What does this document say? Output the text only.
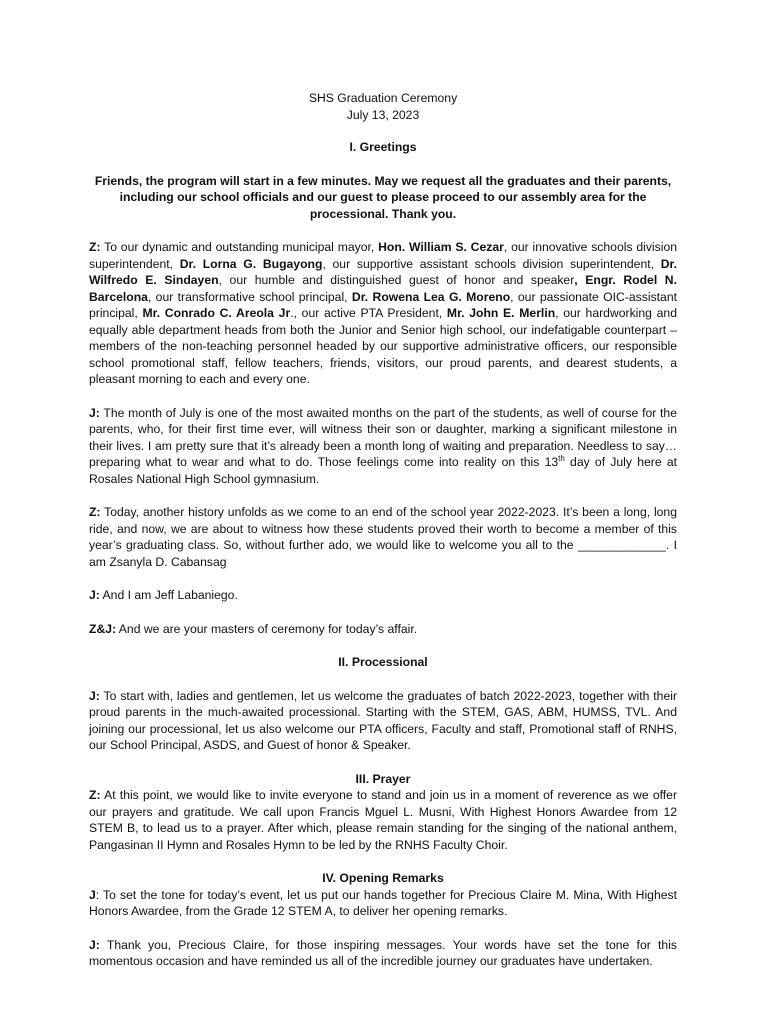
SHS Graduation Ceremony
July 13, 2023
I. Greetings

Friends, the program will start in a few minutes. May we request all the graduates and their parents, including our school officials and our guest to please proceed to our assembly area for the processional. Thank you.

Z: To our dynamic and outstanding municipal mayor, Hon. William S. Cezar, our innovative schools division superintendent, Dr. Lorna G. Bugayong, our supportive assistant schools division superintendent, Dr. Wilfredo E. Sindayen, our humble and distinguished guest of honor and speaker, Engr. Rodel N. Barcelona, our transformative school principal, Dr. Rowena Lea G. Moreno, our passionate OIC-assistant principal, Mr. Conrado C. Areola Jr., our active PTA President, Mr. John E. Merlin, our hardworking and equally able department heads from both the Junior and Senior high school, our indefatigable counterpart – members of the non-teaching personnel headed by our supportive administrative officers, our responsible school promotional staff, fellow teachers, friends, visitors, our proud parents, and dearest students, a pleasant morning to each and every one.

J: The month of July is one of the most awaited months on the part of the students, as well of course for the parents, who, for their first time ever, will witness their son or daughter, marking a significant milestone in their lives. I am pretty sure that it’s already been a month long of waiting and preparation. Needless to say…preparing what to wear and what to do. Those feelings come into reality on this 13th day of July here at Rosales National High School gymnasium.

Z: Today, another history unfolds as we come to an end of the school year 2022-2023. It’s been a long, long ride, and now, we are about to witness how these students proved their worth to become a member of this year’s graduating class. So, without further ado, we would like to welcome you all to the _____________. I am Zsanyla D. Cabansag

J: And I am Jeff Labaniego.

Z&J: And we are your masters of ceremony for today’s affair.

II. Processional

J: To start with, ladies and gentlemen, let us welcome the graduates of batch 2022-2023, together with their proud parents in the much-awaited processional. Starting with the STEM, GAS, ABM, HUMSS, TVL. And joining our processional, let us also welcome our PTA officers, Faculty and staff, Promotional staff of RNHS, our School Principal, ASDS, and Guest of honor & Speaker.

III. Prayer

Z: At this point, we would like to invite everyone to stand and join us in a moment of reverence as we offer our prayers and gratitude. We call upon Francis Mguel L. Musni, With Highest Honors Awardee from 12 STEM B, to lead us to a prayer. After which, please remain standing for the singing of the national anthem, Pangasinan II Hymn and Rosales Hymn to be led by the RNHS Faculty Choir.

IV. Opening Remarks

J: To set the tone for today’s event, let us put our hands together for Precious Claire M. Mina, With Highest Honors Awardee, from the Grade 12 STEM A, to deliver her opening remarks.

J: Thank you, Precious Claire, for those inspiring messages. Your words have set the tone for this momentous occasion and have reminded us all of the incredible journey our graduates have undertaken.
